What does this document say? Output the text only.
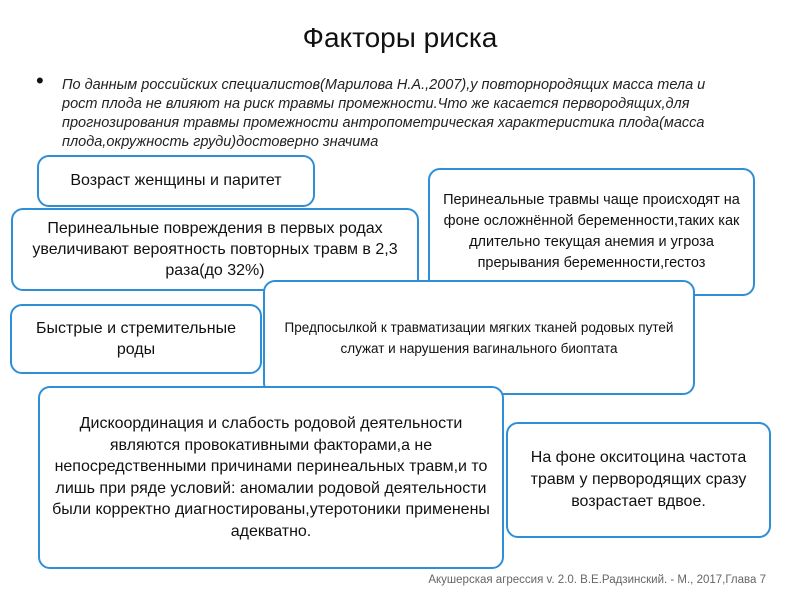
Факторы риска
• По данным российских специалистов(Марилова Н.А.,2007),у повторнородящих масса тела и рост плода не влияют на риск травмы промежности.Что же касается первородящих,для прогнозирования травмы промежности антропометрическая характеристика плода(масса плода,окружность груди)достоверно значима
Перинеальные повреждения в первых родах увеличивают вероятность повторных травм в 2,3 раза(до 32%)
Возраст женщины и паритет
Перинеальные травмы чаще происходят на фоне осложнённой беременности,таких как длительно текущая анемия и угроза прерывания беременности,гестоз
Быстрые и стремительные роды
Предпосылкой к травматизации мягких тканей родовых путей служат и нарушения вагинального биоптата
Дискоординация и слабость родовой деятельности являются провокативными факторами,а не непосредственными причинами перинеальных травм,и то лишь при ряде условий: аномалии родовой деятельности были корректно диагностированы,утеротоники применены адекватно.
На фоне окситоцина частота травм у первородящих сразу возрастает вдвое.
Акушерская агрессия v. 2.0. В.Е.Радзинский. - М., 2017,Глава 7
